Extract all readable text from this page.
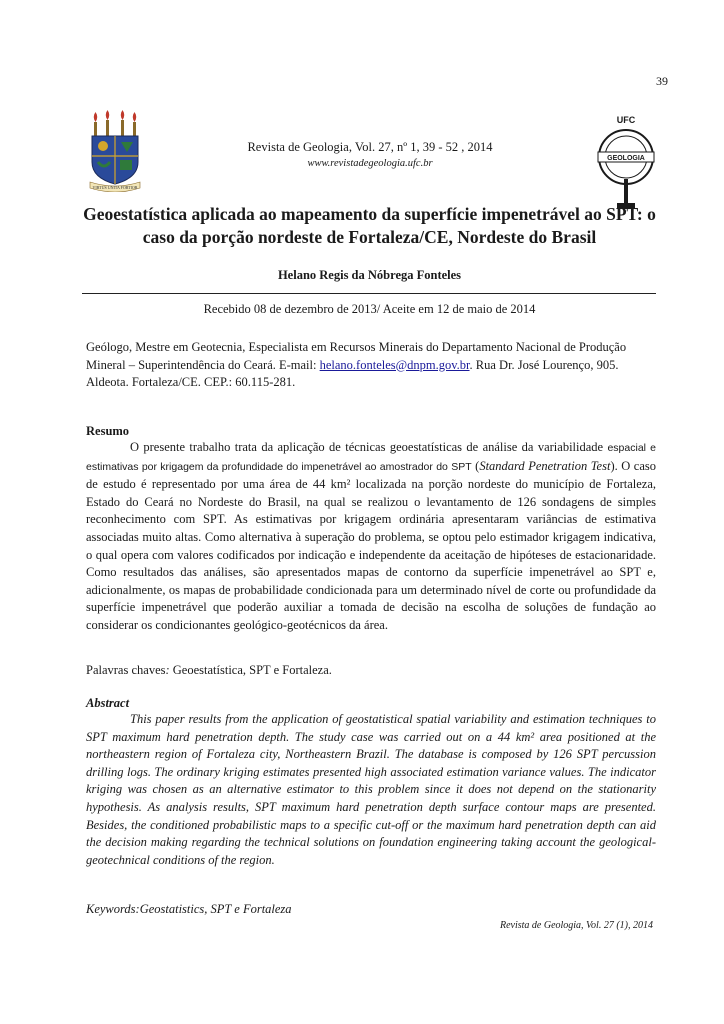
39
VIRTUS UNITA FORTIOR
Revista de Geologia, Vol. 27, nº 1, 39 - 52 , 2014
www.revistadegeologia.ufc.br
UFC
GEOLOGIA
Geoestatística aplicada ao mapeamento da superfície impenetrável ao SPT: o caso da porção nordeste de Fortaleza/CE, Nordeste do Brasil
Helano Regis da Nóbrega Fonteles
Recebido 08 de dezembro de 2013/ Aceite em 12 de maio de 2014
Geólogo, Mestre em Geotecnia, Especialista em Recursos Minerais do Departamento Nacional de Produção Mineral – Superintendência do Ceará. E-mail: helano.fonteles@dnpm.gov.br. Rua Dr. José Lourenço, 905. Aldeota. Fortaleza/CE. CEP.: 60.115-281.
Resumo
O presente trabalho trata da aplicação de técnicas geoestatísticas de análise da variabilidade espacial e estimativas por krigagem da profundidade do impenetrável ao amostrador do SPT (Standard Penetration Test). O caso de estudo é representado por uma área de 44 km² localizada na porção nordeste do município de Fortaleza, Estado do Ceará no Nordeste do Brasil, na qual se realizou o levantamento de 126 sondagens de simples reconhecimento com SPT. As estimativas por krigagem ordinária apresentaram variâncias de estimativa associadas muito altas. Como alternativa à superação do problema, se optou pelo estimador krigagem indicativa, o qual opera com valores codificados por indicação e independente da aceitação de hipóteses de estacionaridade. Como resultados das análises, são apresentados mapas de contorno da superfície impenetrável ao SPT e, adicionalmente, os mapas de probabilidade condicionada para um determinado nível de corte ou profundidade da superfície impenetrável que poderão auxiliar a tomada de decisão na escolha de soluções de fundação ao considerar os condicionantes geológico-geotécnicos da área.
Palavras chaves: Geoestatística, SPT e Fortaleza.
Abstract
This paper results from the application of geostatistical spatial variability and estimation techniques to SPT maximum hard penetration depth. The study case was carried out on a 44 km² area positioned at the northeastern region of Fortaleza city, Northeastern Brazil. The database is composed by 126 SPT percussion drilling logs. The ordinary kriging estimates presented high associated estimation variance values. The indicator kriging was chosen as an alternative estimator to this problem since it does not depend on the stationarity hypothesis. As analysis results, SPT maximum hard penetration depth surface contour maps are presented. Besides, the conditioned probabilistic maps to a specific cut-off or the maximum hard penetration depth can aid the decision making regarding the technical solutions on foundation engineering taking account the geological-geotechnical conditions of the region.
Keywords:Geostatistics, SPT e Fortaleza
Revista de Geologia, Vol. 27 (1), 2014
